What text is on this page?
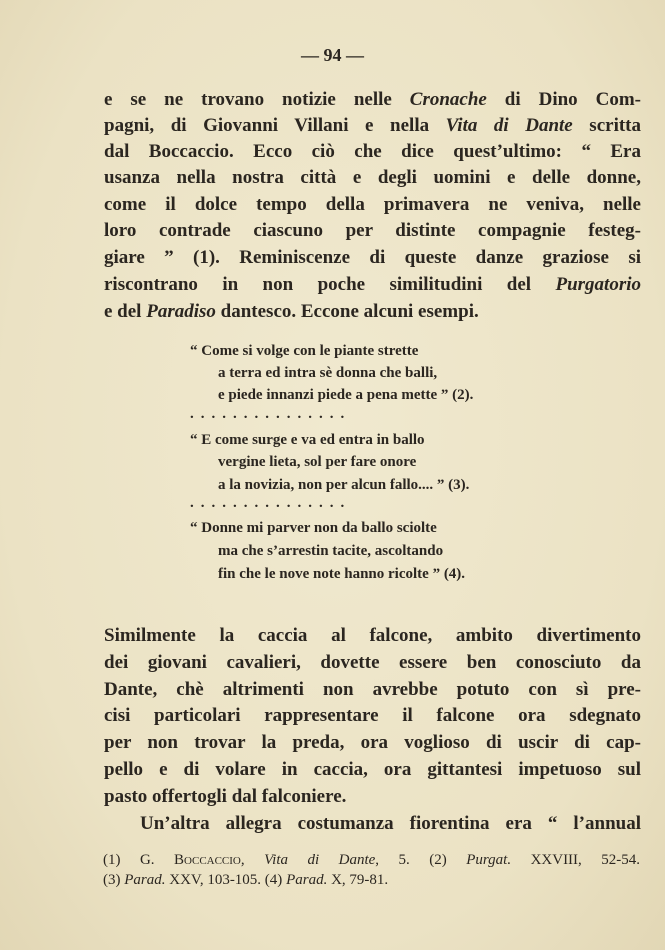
— 94 —
e se ne trovano notizie nelle Cronache di Dino Com-
pagni, di Giovanni Villani e nella Vita di Dante scritta
dal Boccaccio. Ecco ciò che dice quest’ultimo: “ Era
usanza nella nostra città e degli uomini e delle donne,
come il dolce tempo della primavera ne veniva, nelle
loro contrade ciascuno per distinte compagnie festeg-
giare ” (1). Reminiscenze di queste danze graziose si
riscontrano in non poche similitudini del Purgatorio
e del Paradiso dantesco. Eccone alcuni esempi.
“ Come si volge con le piante strette
a terra ed intra sè donna che balli,
e piede innanzi piede a pena mette ” (2).
...............
“ E come surge e va ed entra in ballo
vergine lieta, sol per fare onore
a la novizia, non per alcun fallo.... ” (3).
...............
“ Donne mi parver non da ballo sciolte
ma che s’arrestin tacite, ascoltando
fin che le nove note hanno ricolte ” (4).
Similmente la caccia al falcone, ambito divertimento
dei giovani cavalieri, dovette essere ben conosciuto da
Dante, chè altrimenti non avrebbe potuto con sì pre-
cisi particolari rappresentare il falcone ora sdegnato
per non trovar la preda, ora voglioso di uscir di cap-
pello e di volare in caccia, ora gittantesi impetuoso sul
pasto offertogli dal falconiere.
Un’altra allegra costumanza fiorentina era “ l’annual
(1) G. Boccaccio, Vita di Dante, 5. (2) Purgat. XXVIII, 52-54.
(3) Parad. XXV, 103-105. (4) Parad. X, 79-81.
